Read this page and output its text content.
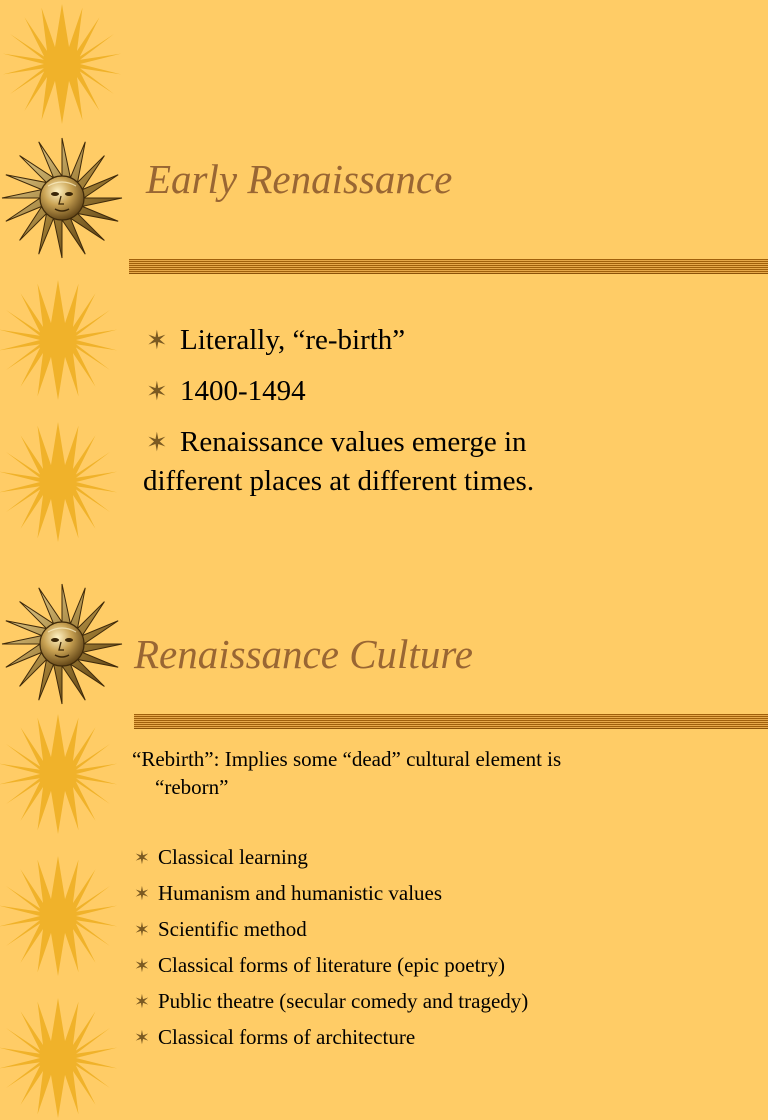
Early Renaissance
✶ Literally, “re-birth”
✶ 1400-1494
✶ Renaissance values emerge in
different places at different times.
Renaissance Culture

“Rebirth”: Implies some “dead” cultural element is
“reborn”

✶ Classical learning
✶ Humanism and humanistic values
✶ Scientific method
✶ Classical forms of literature (epic poetry)
✶ Public theatre (secular comedy and tragedy)
✶ Classical forms of architecture
